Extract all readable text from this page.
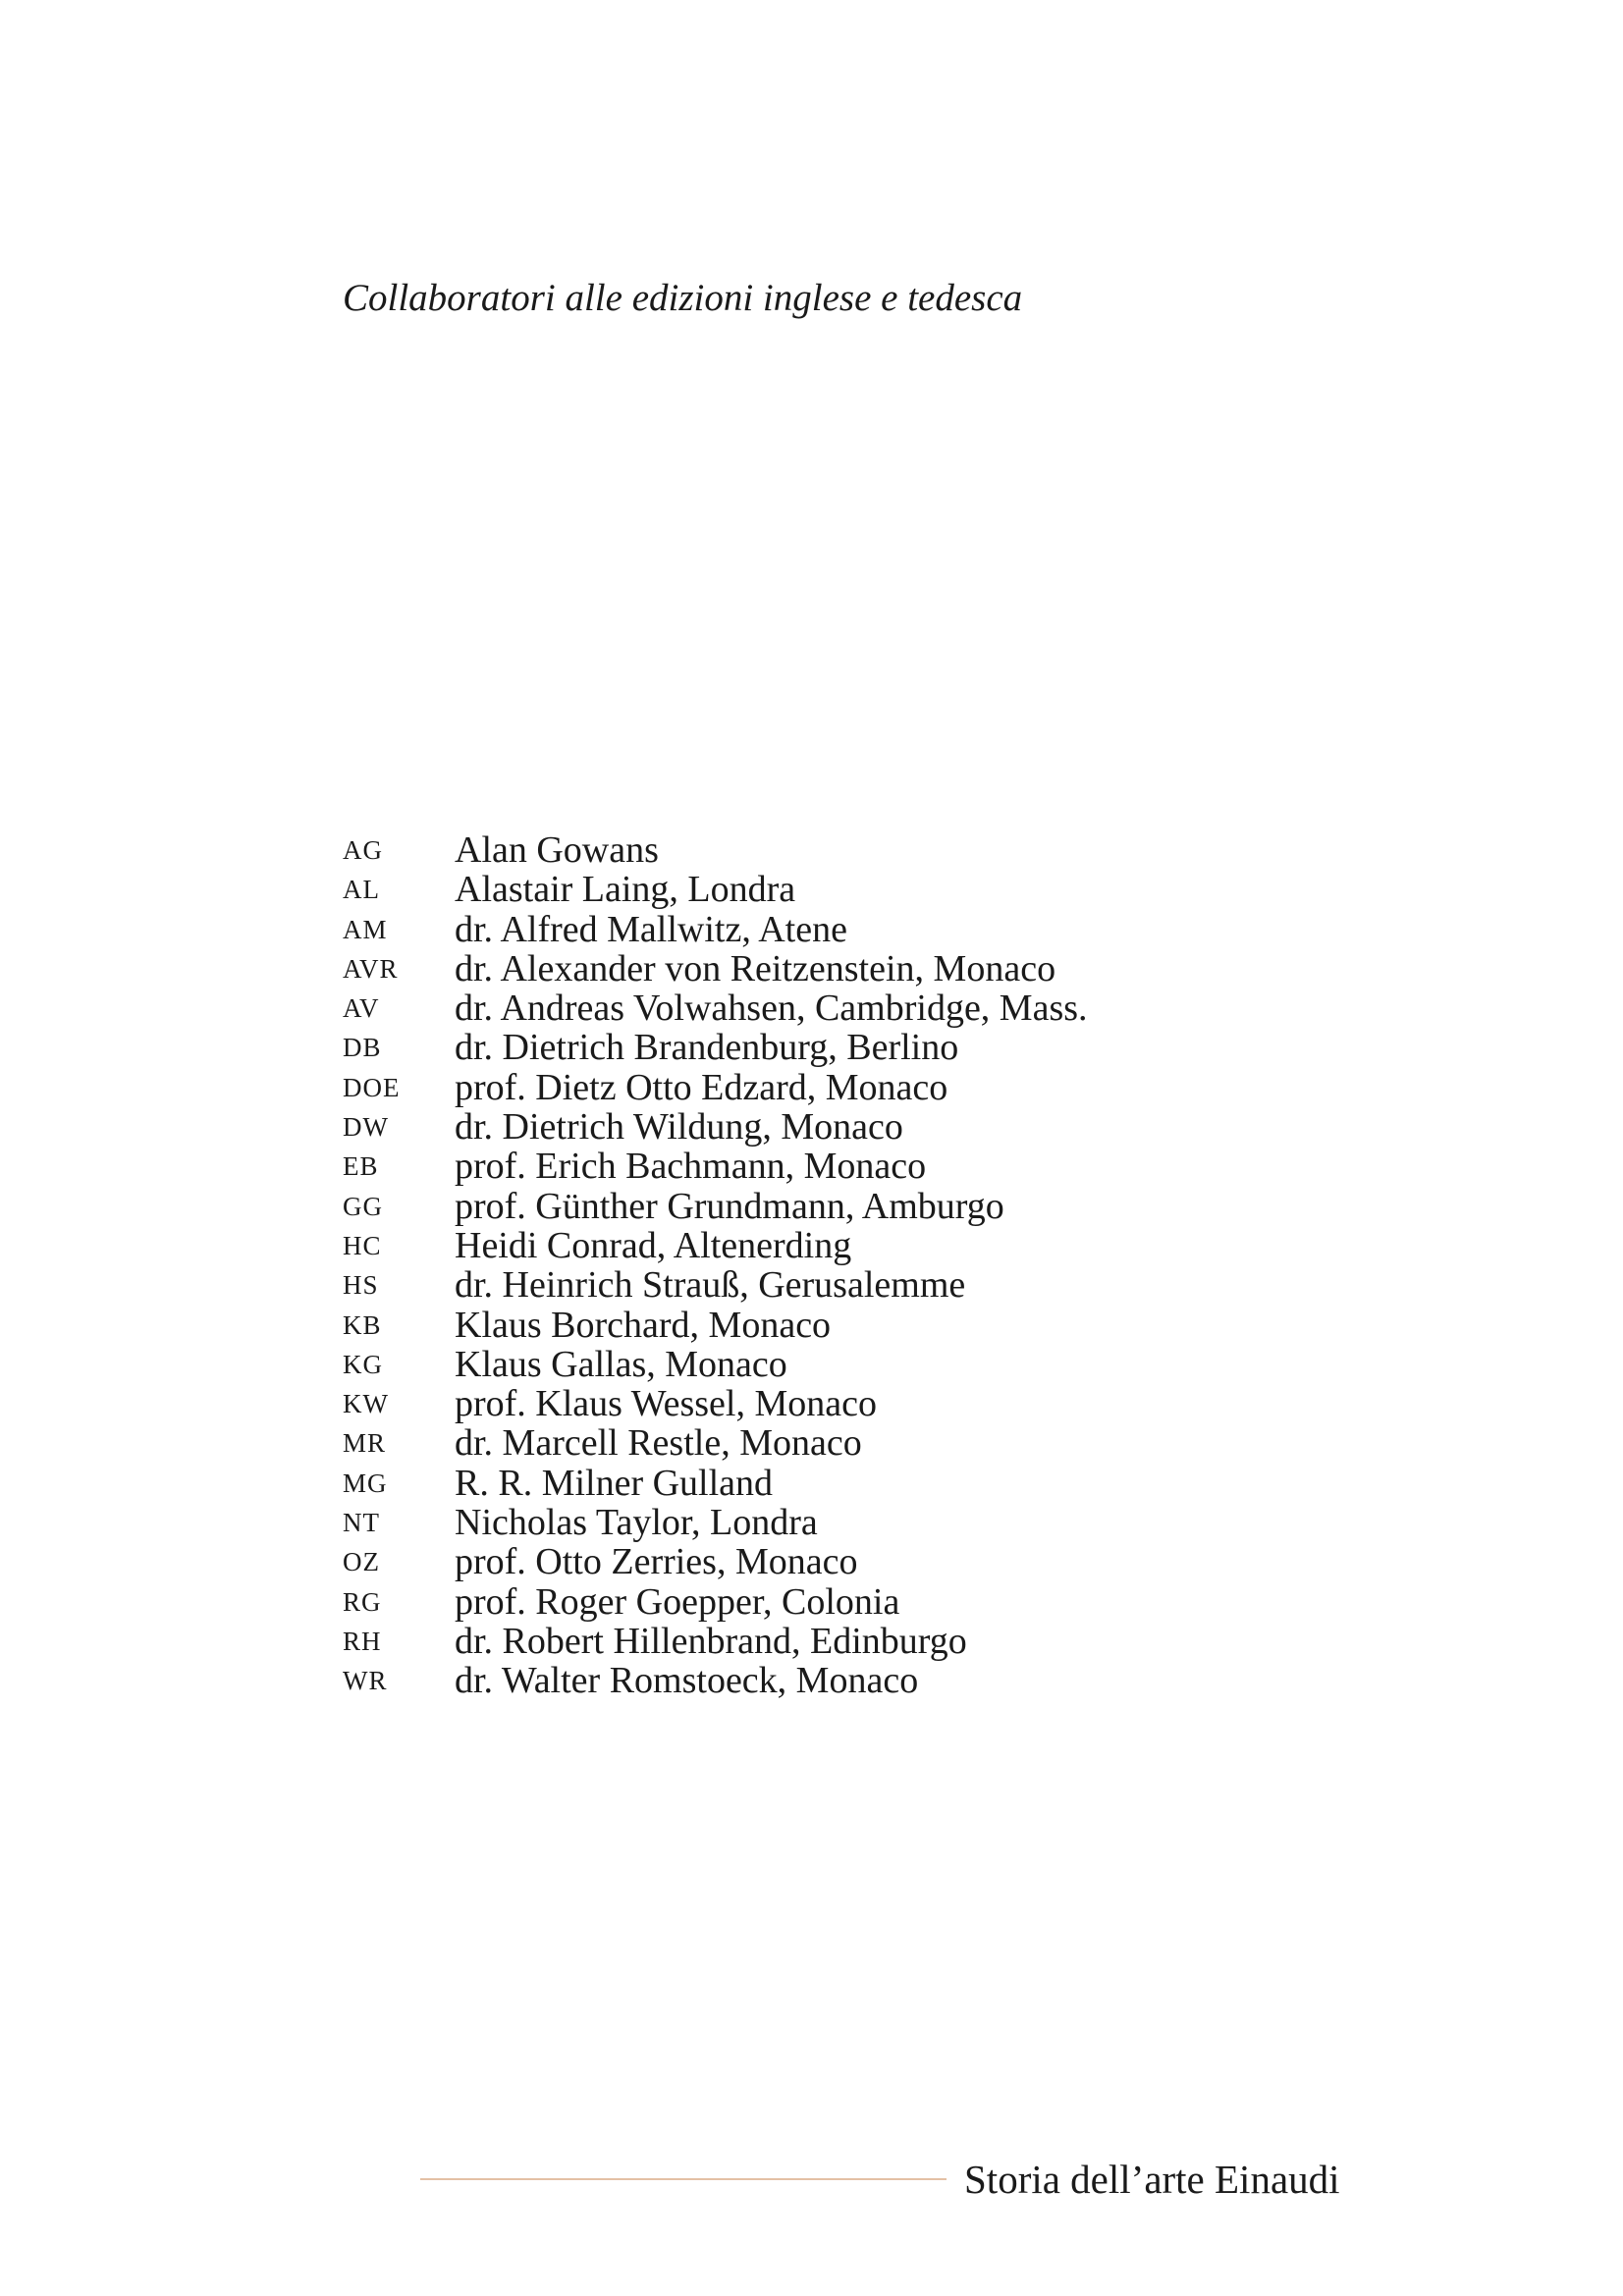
Collaboratori alle edizioni inglese e tedesca
AG Alan Gowans
AL Alastair Laing, Londra
AM dr. Alfred Mallwitz, Atene
AVR dr. Alexander von Reitzenstein, Monaco
AV dr. Andreas Volwahsen, Cambridge, Mass.
DB dr. Dietrich Brandenburg, Berlino
DOE prof. Dietz Otto Edzard, Monaco
DW dr. Dietrich Wildung, Monaco
EB prof. Erich Bachmann, Monaco
GG prof. Günther Grundmann, Amburgo
HC Heidi Conrad, Altenerding
HS dr. Heinrich Strauß, Gerusalemme
KB Klaus Borchard, Monaco
KG Klaus Gallas, Monaco
KW prof. Klaus Wessel, Monaco
MR dr. Marcell Restle, Monaco
MG R. R. Milner Gulland
NT Nicholas Taylor, Londra
OZ prof. Otto Zerries, Monaco
RG prof. Roger Goepper, Colonia
RH dr. Robert Hillenbrand, Edinburgo
WR dr. Walter Romstoeck, Monaco
Storia dell’arte Einaudi
